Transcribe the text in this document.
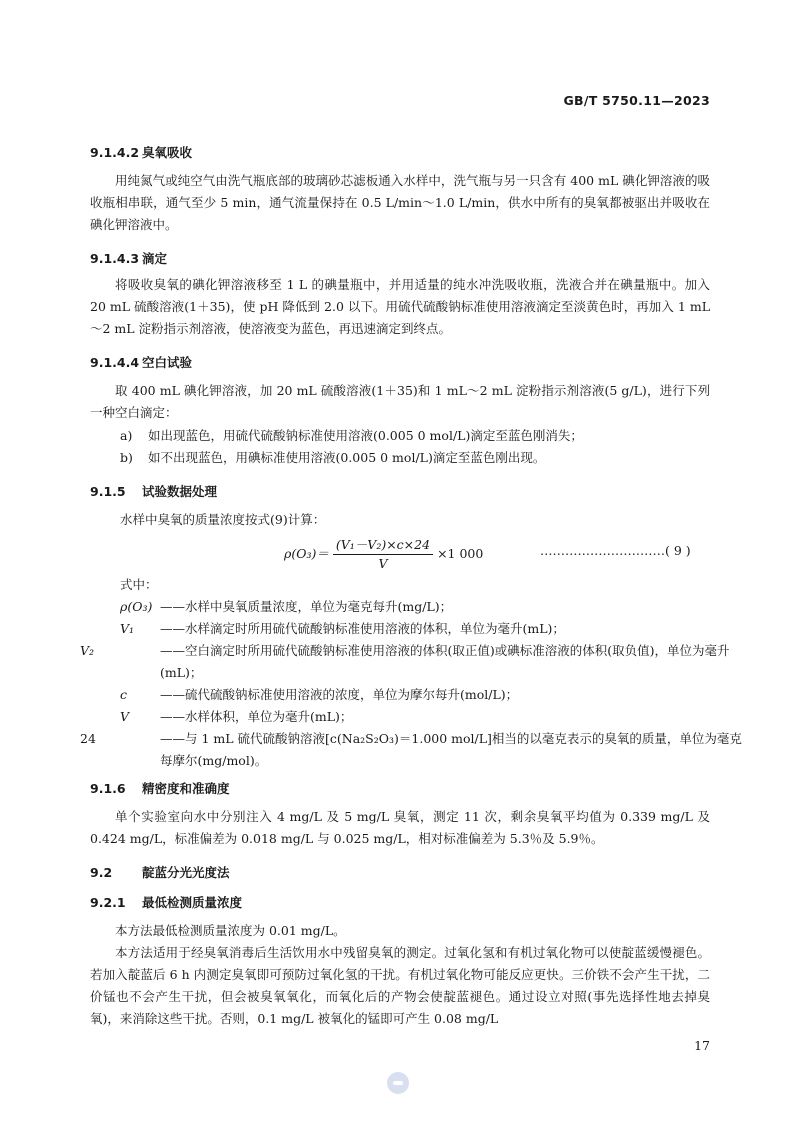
GB/T 5750.11—2023
9.1.4.2 臭氧吸收
用纯氮气或纯空气由洗气瓶底部的玻璃砂芯滤板通入水样中，洗气瓶与另一只含有 400 mL 碘化钾溶液的吸收瓶相串联，通气至少 5 min，通气流量保持在 0.5 L/min～1.0 L/min，供水中所有的臭氧都被驱出并吸收在碘化钾溶液中。
9.1.4.3 滴定
将吸收臭氧的碘化钾溶液移至 1 L 的碘量瓶中，并用适量的纯水冲洗吸收瓶，洗液合并在碘量瓶中。加入 20 mL 硫酸溶液(1＋35)，使 pH 降低到 2.0 以下。用硫代硫酸钠标准使用溶液滴定至淡黄色时，再加入 1 mL～2 mL 淀粉指示剂溶液，使溶液变为蓝色，再迅速滴定到终点。
9.1.4.4 空白试验
取 400 mL 碘化钾溶液，加 20 mL 硫酸溶液(1＋35)和 1 mL～2 mL 淀粉指示剂溶液(5 g/L)，进行下列一种空白滴定：
a) 如出现蓝色，用硫代硫酸钠标准使用溶液(0.005 0 mol/L)滴定至蓝色刚消失；
b) 如不出现蓝色，用碘标准使用溶液(0.005 0 mol/L)滴定至蓝色刚出现。
9.1.5 试验数据处理
水样中臭氧的质量浓度按式(9)计算：
$\rho(O_3)= \frac{\text{(V₁－V₂)×c×24}}{V} \times 1$ 000	…………………………( 9 )
式中：
ρ(O₃) ——水样中臭氧质量浓度，单位为毫克每升(mg/L)；
V₁ ——水样滴定时所用硫代硫酸钠标准使用溶液的体积，单位为毫升(mL)；
V₂	——空白滴定时所用硫代硫酸钠标准使用溶液的体积(取正值)或碘标准溶液的体积(取负值)，单位为毫升(mL)；
c	——硫代硫酸钠标准使用溶液的浓度，单位为摩尔每升(mol/L)；
V ——水样体积，单位为毫升(mL)；
24	——与 1 mL 硫代硫酸钠溶液[c(Na₂S₂O₃)＝1.000 mol/L]相当的以毫克表示的臭氧的质量，单位为毫克每摩尔(mg/mol)。
9.1.6 精密度和准确度
单个实验室向水中分别注入 4 mg/L 及 5 mg/L 臭氧，测定 11 次，剩余臭氧平均值为 0.339 mg/L 及 0.424 mg/L，标准偏差为 0.018 mg/L 与 0.025 mg/L，相对标准偏差为 5.3％及 5.9％。
9.2 靛蓝分光光度法
9.2.1 最低检测质量浓度
本方法最低检测质量浓度为 0.01 mg/L。
本方法适用于经臭氧消毒后生活饮用水中残留臭氧的测定。过氧化氢和有机过氧化物可以使靛蓝缓慢褪色。若加入靛蓝后 6 h 内测定臭氧即可预防过氧化氢的干扰。有机过氧化物可能反应更快。三价铁不会产生干扰，二价锰也不会产生干扰，但会被臭氧氧化，而氧化后的产物会使靛蓝褪色。通过设立对照(事先选择性地去掉臭氧)，来消除这些干扰。否则，0.1 mg/L 被氧化的锰即可产生 0.08 mg/L
17
